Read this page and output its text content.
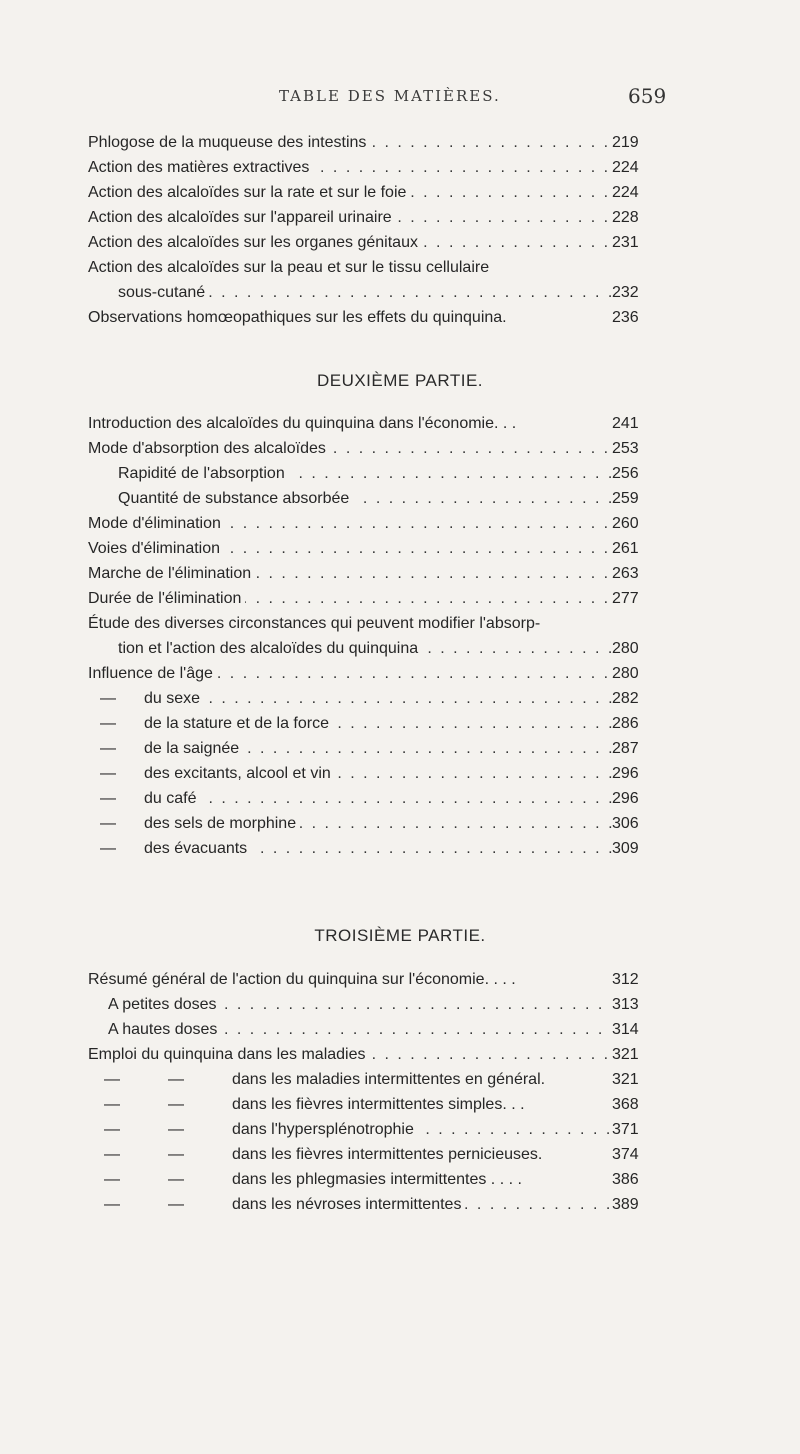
TABLE DES MATIÈRES.	659
Phlogose de la muqueuse des intestins . . .	219
Action des matières extractives . . .	224
Action des alcaloïdes sur la rate et sur le foie . . .	224
Action des alcaloïdes sur l'appareil urinaire . . .	228
Action des alcaloïdes sur les organes génitaux . . .	231
Action des alcaloïdes sur la peau et sur le tissu cellulaire
sous-cutané . . .	232
Observations homœopathiques sur les effets du quinquina.	236
DEUXIÈME PARTIE.
Introduction des alcaloïdes du quinquina dans l'économie. . .	241
Mode d'absorption des alcaloïdes . . .	253
Rapidité de l'absorption . . .	256
Quantité de substance absorbée . . .	259
Mode d'élimination . . .	260
Voies d'élimination . . .	261
Marche de l'élimination . . .	263
Durée de l'élimination . . .	277
Étude des diverses circonstances qui peuvent modifier l'absorp-
tion et l'action des alcaloïdes du quinquina . . .	280
Influence de l'âge . . .	280
— du sexe . . .	282
— de la stature et de la force . . .	286
— de la saignée . . .	287
— des excitants, alcool et vin . . .	296
— du café . . .	296
— des sels de morphine . . .	306
— des évacuants . . .	309
TROISIÈME PARTIE.
Résumé général de l'action du quinquina sur l'économie. . . .	312
A petites doses . . .	313
A hautes doses . . .	314
Emploi du quinquina dans les maladies . . .	321
—	—	dans les maladies intermittentes en général.	321
—	—	dans les fièvres intermittentes simples. . .	368
—	—	dans l'hypersplénotrophie . . .	371
—	—	dans les fièvres intermittentes pernicieuses.	374
—	—	dans les phlegmasies intermittentes . . . .	386
—	—	dans les névroses intermittentes . . .	389
